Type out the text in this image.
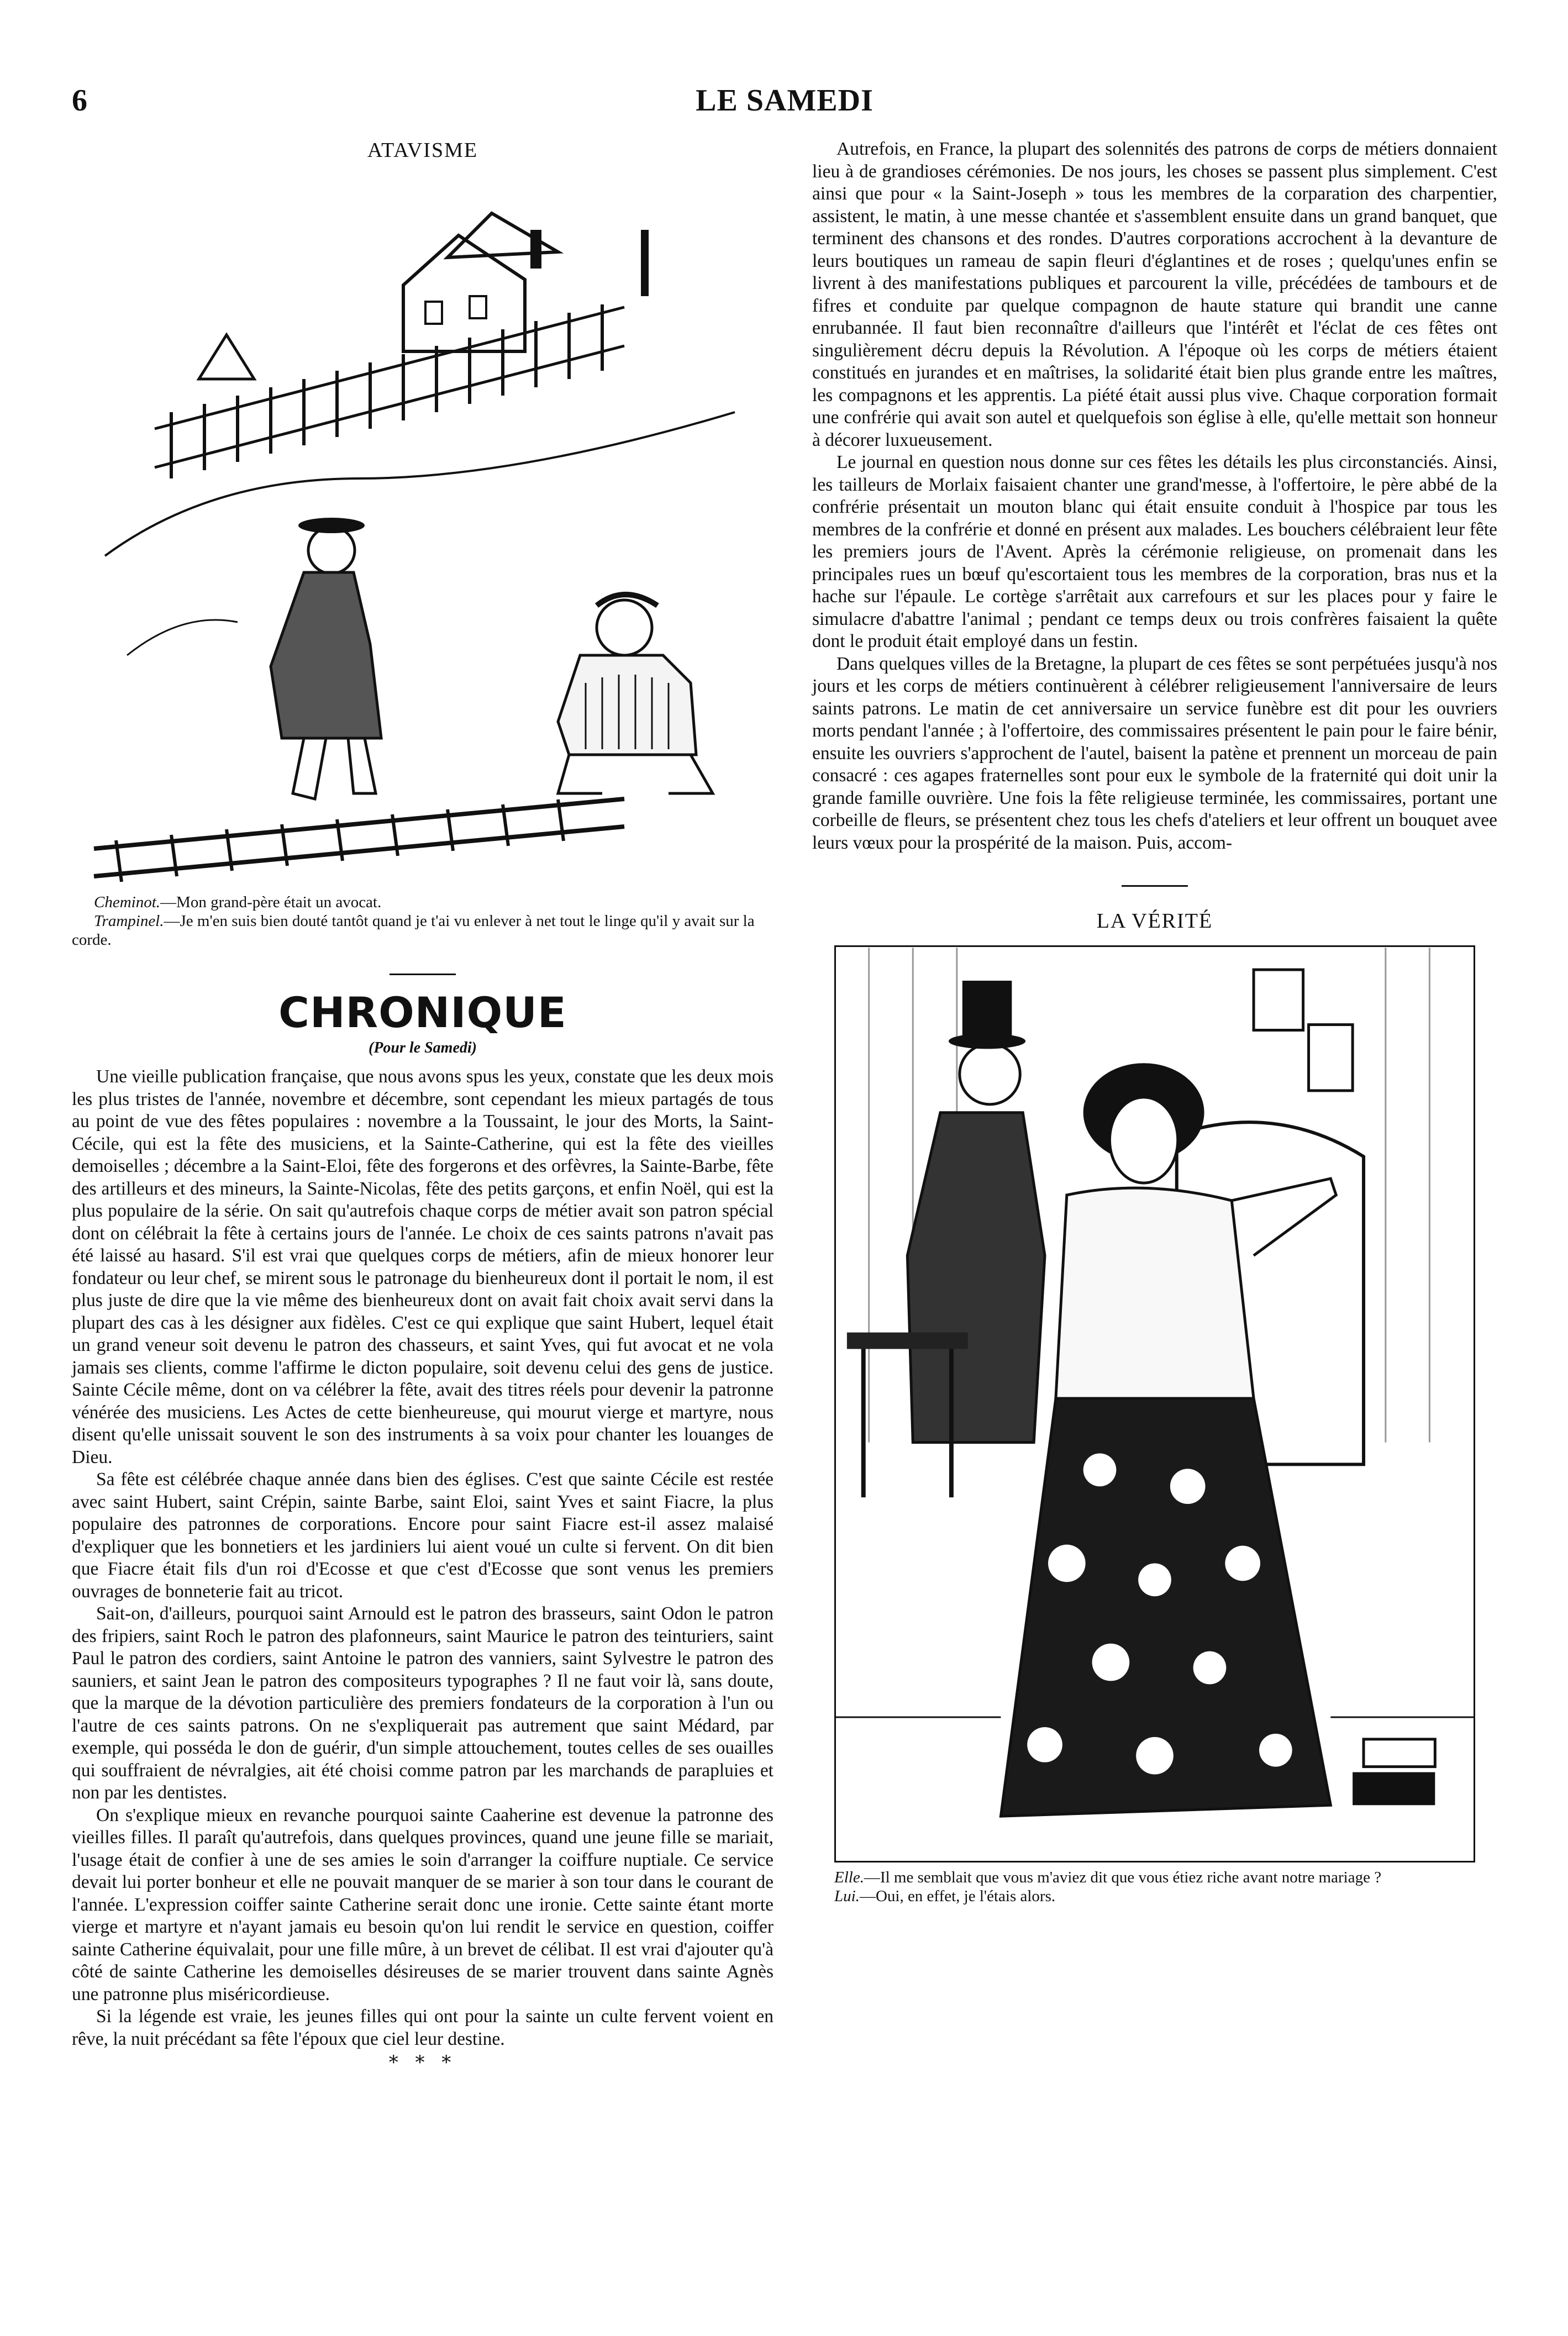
6	LE SAMEDI
ATAVISME

Cheminot.—Mon grand-père était un avocat.

Trampinel.—Je m'en suis bien douté tantôt quand je t'ai vu enlever à net tout le linge qu'il y avait sur la corde.

CHRONIQUE
(Pour le Samedi)

Une vieille publication française, que nous avons spus les yeux, constate que les deux mois les plus tristes de l'année, novembre et décembre, sont cependant les mieux partagés de tous au point de vue des fêtes populaires : novembre a la Toussaint, le jour des Morts, la Saint-Cécile, qui est la fête des musiciens, et la Sainte-Catherine, qui est la fête des vieilles demoiselles ; décembre a la Saint-Eloi, fête des forgerons et des orfèvres, la Sainte-Barbe, fête des artilleurs et des mineurs, la Sainte-Nicolas, fête des petits garçons, et enfin Noël, qui est la plus populaire de la série. On sait qu'autrefois chaque corps de métier avait son patron spécial dont on célébrait la fête à certains jours de l'année. Le choix de ces saints patrons n'avait pas été laissé au hasard. S'il est vrai que quelques corps de métiers, afin de mieux honorer leur fondateur ou leur chef, se mirent sous le patronage du bienheureux dont il portait le nom, il est plus juste de dire que la vie même des bienheureux dont on avait fait choix avait servi dans la plupart des cas à les désigner aux fidèles. C'est ce qui explique que saint Hubert, lequel était un grand veneur soit devenu le patron des chasseurs, et saint Yves, qui fut avocat et ne vola jamais ses clients, comme l'affirme le dicton populaire, soit devenu celui des gens de justice. Sainte Cécile même, dont on va célébrer la fête, avait des titres réels pour devenir la patronne vénérée des musiciens. Les Actes de cette bienheureuse, qui mourut vierge et martyre, nous disent qu'elle unissait souvent le son des instruments à sa voix pour chanter les louanges de Dieu.

Sa fête est célébrée chaque année dans bien des églises. C'est que sainte Cécile est restée avec saint Hubert, saint Crépin, sainte Barbe, saint Eloi, saint Yves et saint Fiacre, la plus populaire des patronnes de corporations. Encore pour saint Fiacre est-il assez malaisé d'expliquer que les bonnetiers et les jardiniers lui aient voué un culte si fervent. On dit bien que Fiacre était fils d'un roi d'Ecosse et que c'est d'Ecosse que sont venus les premiers ouvrages de bonneterie fait au tricot.

Sait-on, d'ailleurs, pourquoi saint Arnould est le patron des brasseurs, saint Odon le patron des fripiers, saint Roch le patron des plafonneurs, saint Maurice le patron des teinturiers, saint Paul le patron des cordiers, saint Antoine le patron des vanniers, saint Sylvestre le patron des sauniers, et saint Jean le patron des compositeurs typographes ? Il ne faut voir là, sans doute, que la marque de la dévotion particulière des premiers fondateurs de la corporation à l'un ou l'autre de ces saints patrons. On ne s'expliquerait pas autrement que saint Médard, par exemple, qui posséda le don de guérir, d'un simple attouchement, toutes celles de ses ouailles qui souffraient de névralgies, ait été choisi comme patron par les marchands de parapluies et non par les dentistes.

On s'explique mieux en revanche pourquoi sainte Caaherine est devenue la patronne des vieilles filles. Il paraît qu'autrefois, dans quelques provinces, quand une jeune fille se mariait, l'usage était de confier à une de ses amies le soin d'arranger la coiffure nuptiale. Ce service devait lui porter bonheur et elle ne pouvait manquer de se marier à son tour dans le courant de l'année. L'expression coiffer sainte Catherine serait donc une ironie. Cette sainte étant morte vierge et martyre et n'ayant jamais eu besoin qu'on lui rendit le service en question, coiffer sainte Catherine équivalait, pour une fille mûre, à un brevet de célibat. Il est vrai d'ajouter qu'à côté de sainte Catherine les demoiselles désireuses de se marier trouvent dans sainte Agnès une patronne plus miséricordieuse.

Si la légende est vraie, les jeunes filles qui ont pour la sainte un culte fervent voient en rêve, la nuit précédant sa fête l'époux que ciel leur destine.

* * *

Autrefois, en France, la plupart des solennités des patrons de corps de métiers donnaient lieu à de grandioses cérémonies. De nos jours, les choses se passent plus simplement. C'est ainsi que pour « la Saint-Joseph » tous les membres de la corparation des charpentier, assistent, le matin, à une messe chantée et s'assemblent ensuite dans un grand banquet, que terminent des chansons et des rondes. D'autres corporations accrochent à la devanture de leurs boutiques un rameau de sapin fleuri d'églantines et de roses ; quelqu'unes enfin se livrent à des manifestations publiques et parcourent la ville, précédées de tambours et de fifres et conduite par quelque compagnon de haute stature qui brandit une canne enrubannée. Il faut bien reconnaître d'ailleurs que l'intérêt et l'éclat de ces fêtes ont singulièrement décru depuis la Révolution. A l'époque où les corps de métiers étaient constitués en jurandes et en maîtrises, la solidarité était bien plus grande entre les maîtres, les compagnons et les apprentis. La piété était aussi plus vive. Chaque corporation formait une confrérie qui avait son autel et quelquefois son église à elle, qu'elle mettait son honneur à décorer luxueusement.

Le journal en question nous donne sur ces fêtes les détails les plus circonstanciés. Ainsi, les tailleurs de Morlaix faisaient chanter une grand'messe, à l'offertoire, le père abbé de la confrérie présentait un mouton blanc qui était ensuite conduit à l'hospice par tous les membres de la confrérie et donné en présent aux malades. Les bouchers célébraient leur fête les premiers jours de l'Avent. Après la cérémonie religieuse, on promenait dans les principales rues un bœuf qu'escortaient tous les membres de la corporation, bras nus et la hache sur l'épaule. Le cortège s'arrêtait aux carrefours et sur les places pour y faire le simulacre d'abattre l'animal ; pendant ce temps deux ou trois confrères faisaient la quête dont le produit était employé dans un festin.

Dans quelques villes de la Bretagne, la plupart de ces fêtes se sont perpétuées jusqu'à nos jours et les corps de métiers continuèrent à célébrer religieusement l'anniversaire de leurs saints patrons. Le matin de cet anniversaire un service funèbre est dit pour les ouvriers morts pendant l'année ; à l'offertoire, des commissaires présentent le pain pour le faire bénir, ensuite les ouvriers s'approchent de l'autel, baisent la patène et prennent un morceau de pain consacré : ces agapes fraternelles sont pour eux le symbole de la fraternité qui doit unir la grande famille ouvrière. Une fois la fête religieuse terminée, les commissaires, portant une corbeille de fleurs, se présentent chez tous les chefs d'ateliers et leur offrent un bouquet avee leurs vœux pour la prospérité de la maison. Puis, accom-

LA VÉRITÉ

Elle.—Il me semblait que vous m'aviez dit que vous étiez riche avant notre mariage ?

Lui.—Oui, en effet, je l'étais alors.
